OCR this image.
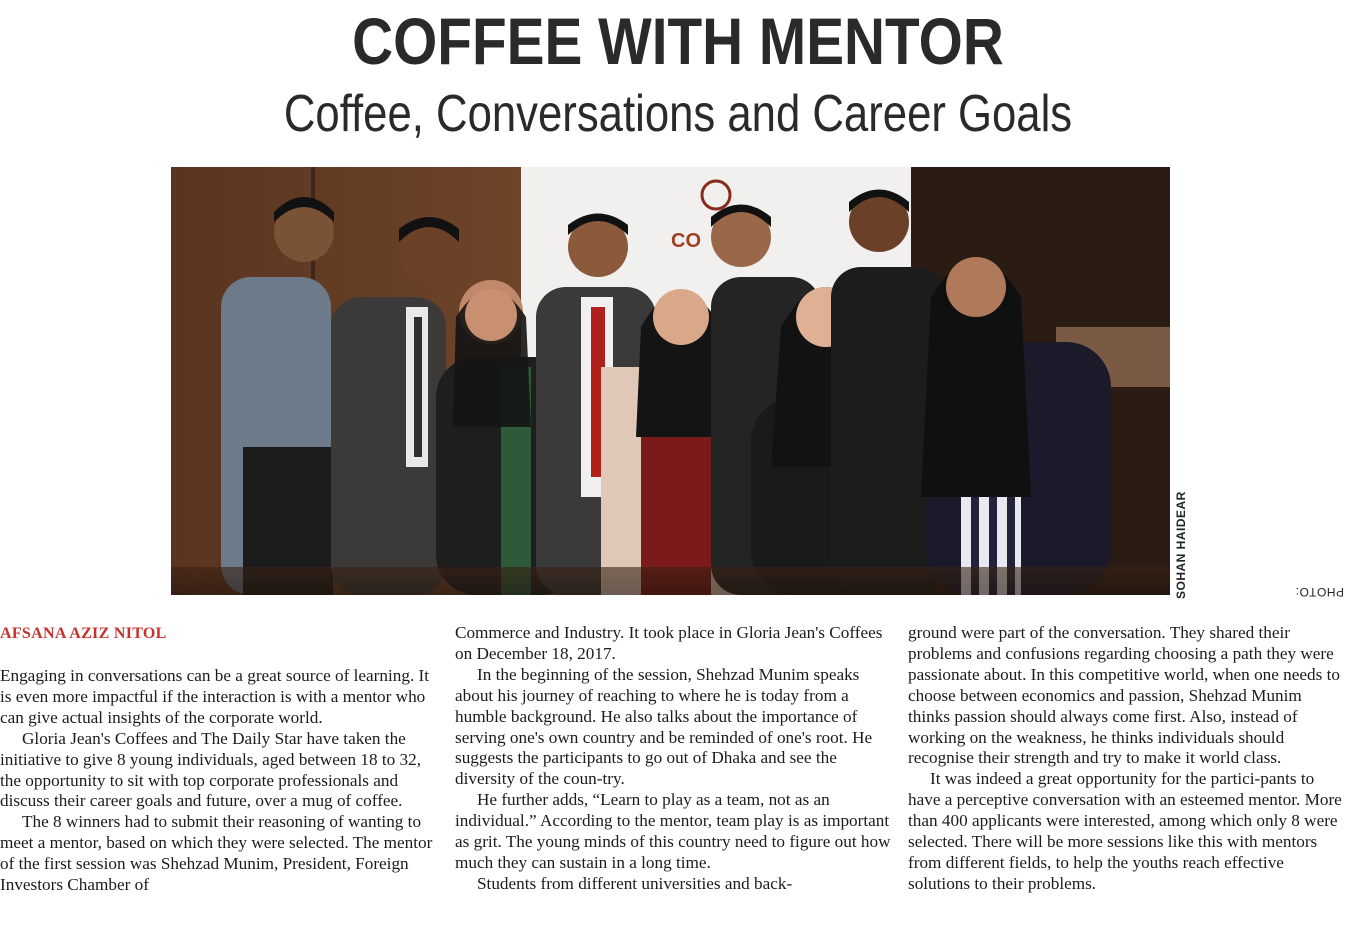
COFFEE WITH MENTOR
Coffee, Conversations and Career Goals
CO
PHOTO:
SOHAN HAIDEAR

AFSANA AZIZ NITOL

Engaging in conversations can be a great source of learning. It is even more impactful if the interaction is with a mentor who can give actual insights of the corporate world.

Gloria Jean's Coffees and The Daily Star have taken the initiative to give 8 young individuals, aged between 18 to 32, the opportunity to sit with top corporate professionals and discuss their career goals and future, over a mug of coffee.

The 8 winners had to submit their reasoning of wanting to meet a mentor, based on which they were selected. The mentor of the first session was Shehzad Munim, President, Foreign Investors Chamber of

Commerce and Industry. It took place in Gloria Jean's Coffees on December 18, 2017.

In the beginning of the session, Shehzad Munim speaks about his journey of reaching to where he is today from a humble background. He also talks about the importance of serving one's own country and be reminded of one's root. He suggests the participants to go out of Dhaka and see the diversity of the coun-try.

He further adds, “Learn to play as a team, not as an individual.” According to the mentor, team play is as important as grit. The young minds of this country need to figure out how much they can sustain in a long time.

Students from different universities and back-

ground were part of the conversation. They shared their problems and confusions regarding choosing a path they were passionate about. In this competitive world, when one needs to choose between economics and passion, Shehzad Munim thinks passion should always come first. Also, instead of working on the weakness, he thinks individuals should recognise their strength and try to make it world class.

It was indeed a great opportunity for the partici-pants to have a perceptive conversation with an esteemed mentor. More than 400 applicants were interested, among which only 8 were selected. There will be more sessions like this with mentors from different fields, to help the youths reach effective solutions to their problems.
